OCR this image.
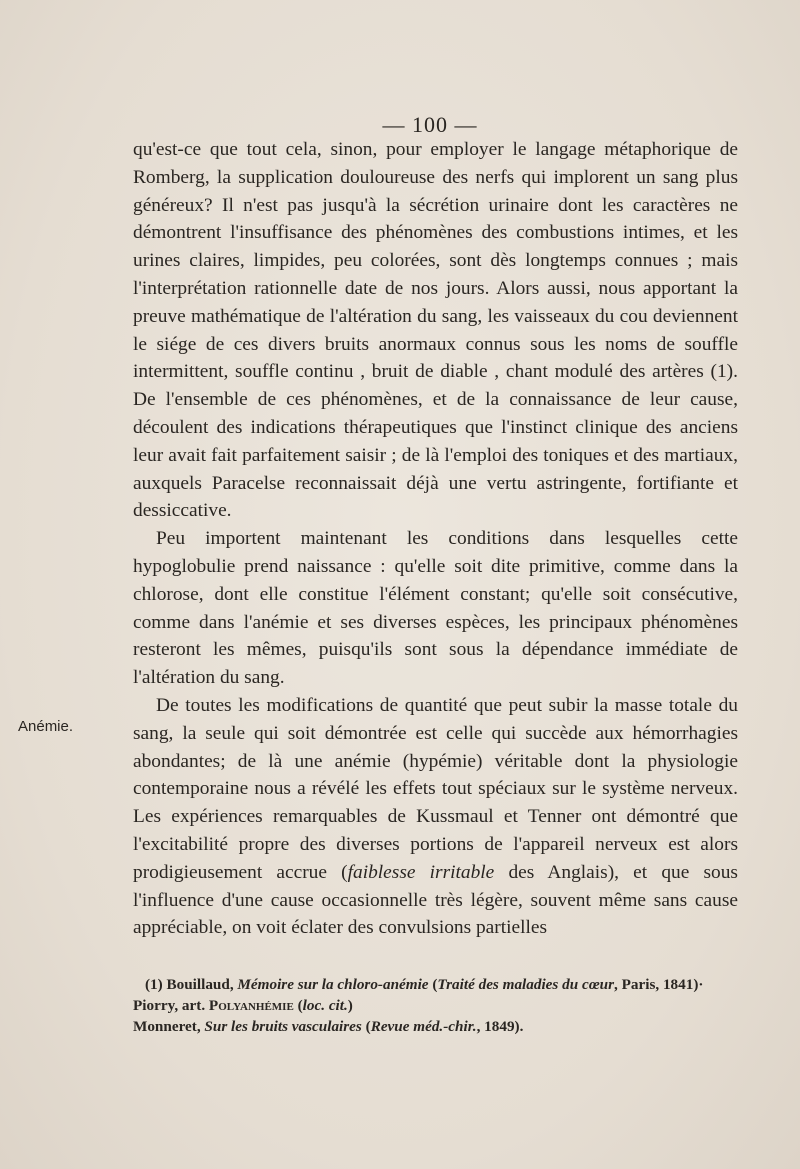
— 100 —
Anémie.

qu'est-ce que tout cela, sinon, pour employer le langage métaphorique de Romberg, la supplication douloureuse des nerfs qui implorent un sang plus généreux? Il n'est pas jusqu'à la sécrétion urinaire dont les caractères ne démontrent l'insuffisance des phénomènes des combustions intimes, et les urines claires, limpides, peu colorées, sont dès longtemps connues ; mais l'interprétation rationnelle date de nos jours. Alors aussi, nous apportant la preuve mathématique de l'altération du sang, les vaisseaux du cou deviennent le siége de ces divers bruits anormaux connus sous les noms de souffle intermittent, souffle continu , bruit de diable , chant modulé des artères (1). De l'ensemble de ces phénomènes, et de la connaissance de leur cause, découlent des indications thérapeutiques que l'instinct clinique des anciens leur avait fait parfaitement saisir ; de là l'emploi des toniques et des martiaux, auxquels Paracelse reconnaissait déjà une vertu astringente, fortifiante et dessiccative.

Peu importent maintenant les conditions dans lesquelles cette hypoglobulie prend naissance : qu'elle soit dite primitive, comme dans la chlorose, dont elle constitue l'élément constant; qu'elle soit consécutive, comme dans l'anémie et ses diverses espèces, les principaux phénomènes resteront les mêmes, puisqu'ils sont sous la dépendance immédiate de l'altération du sang.

De toutes les modifications de quantité que peut subir la masse totale du sang, la seule qui soit démontrée est celle qui succède aux hémorrhagies abondantes; de là une anémie (hypémie) véritable dont la physiologie contemporaine nous a révélé les effets tout spéciaux sur le système nerveux. Les expériences remarquables de Kussmaul et Tenner ont démontré que l'excitabilité propre des diverses portions de l'appareil nerveux est alors prodigieusement accrue (faiblesse irritable des Anglais), et que sous l'influence d'une cause occasionnelle très légère, souvent même sans cause appréciable, on voit éclater des convulsions partielles

(1) Bouillaud, Mémoire sur la chloro-anémie (Traité des maladies du cœur, Paris, 1841)·

Piorry, art. Polyanhémie (loc. cit.)

Monneret, Sur les bruits vasculaires (Revue méd.-chir., 1849).
